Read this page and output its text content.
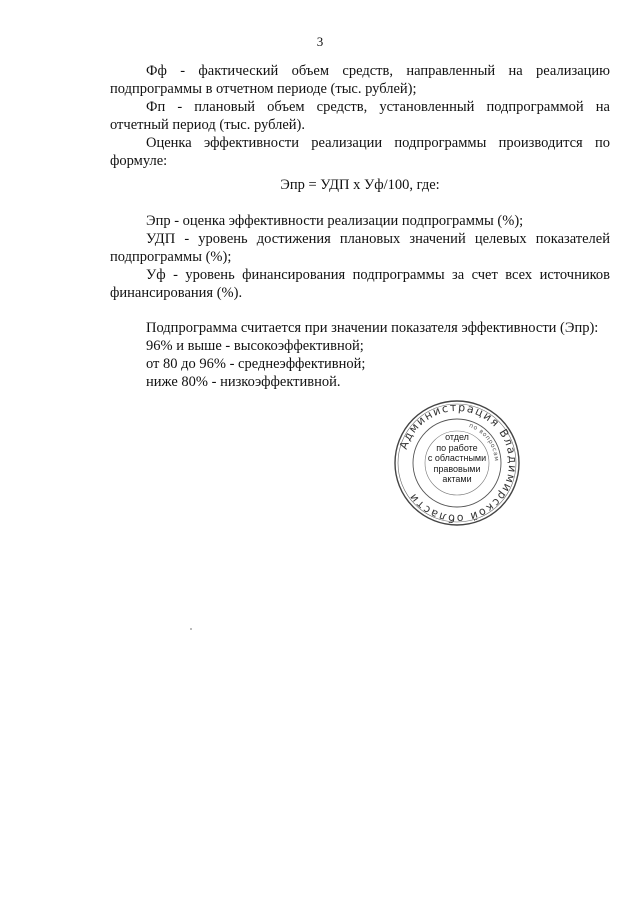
3

Фф - фактический объем средств, направленный на реализацию подпрограммы в отчетном периоде (тыс. рублей);

Фп - плановый объем средств, установленный подпрограммой на отчетный период (тыс. рублей).

Оценка эффективности реализации подпрограммы производится по формуле:

Эпр = УДП х Уф/100, где:

Эпр - оценка эффективности реализации подпрограммы (%);

УДП - уровень достижения плановых значений целевых показателей подпрограммы (%);

Уф - уровень финансирования подпрограммы за счет всех источников финансирования (%).

Подпрограмма считается при значении показателя эффективности (Эпр):

96% и выше - высокоэффективной;

от 80 до 96% - среднеэффективной;

ниже 80% - низкоэффективной.

Администрация Владимирской области
по вопросам
отдел
по работе
с областными
правовыми
актами
